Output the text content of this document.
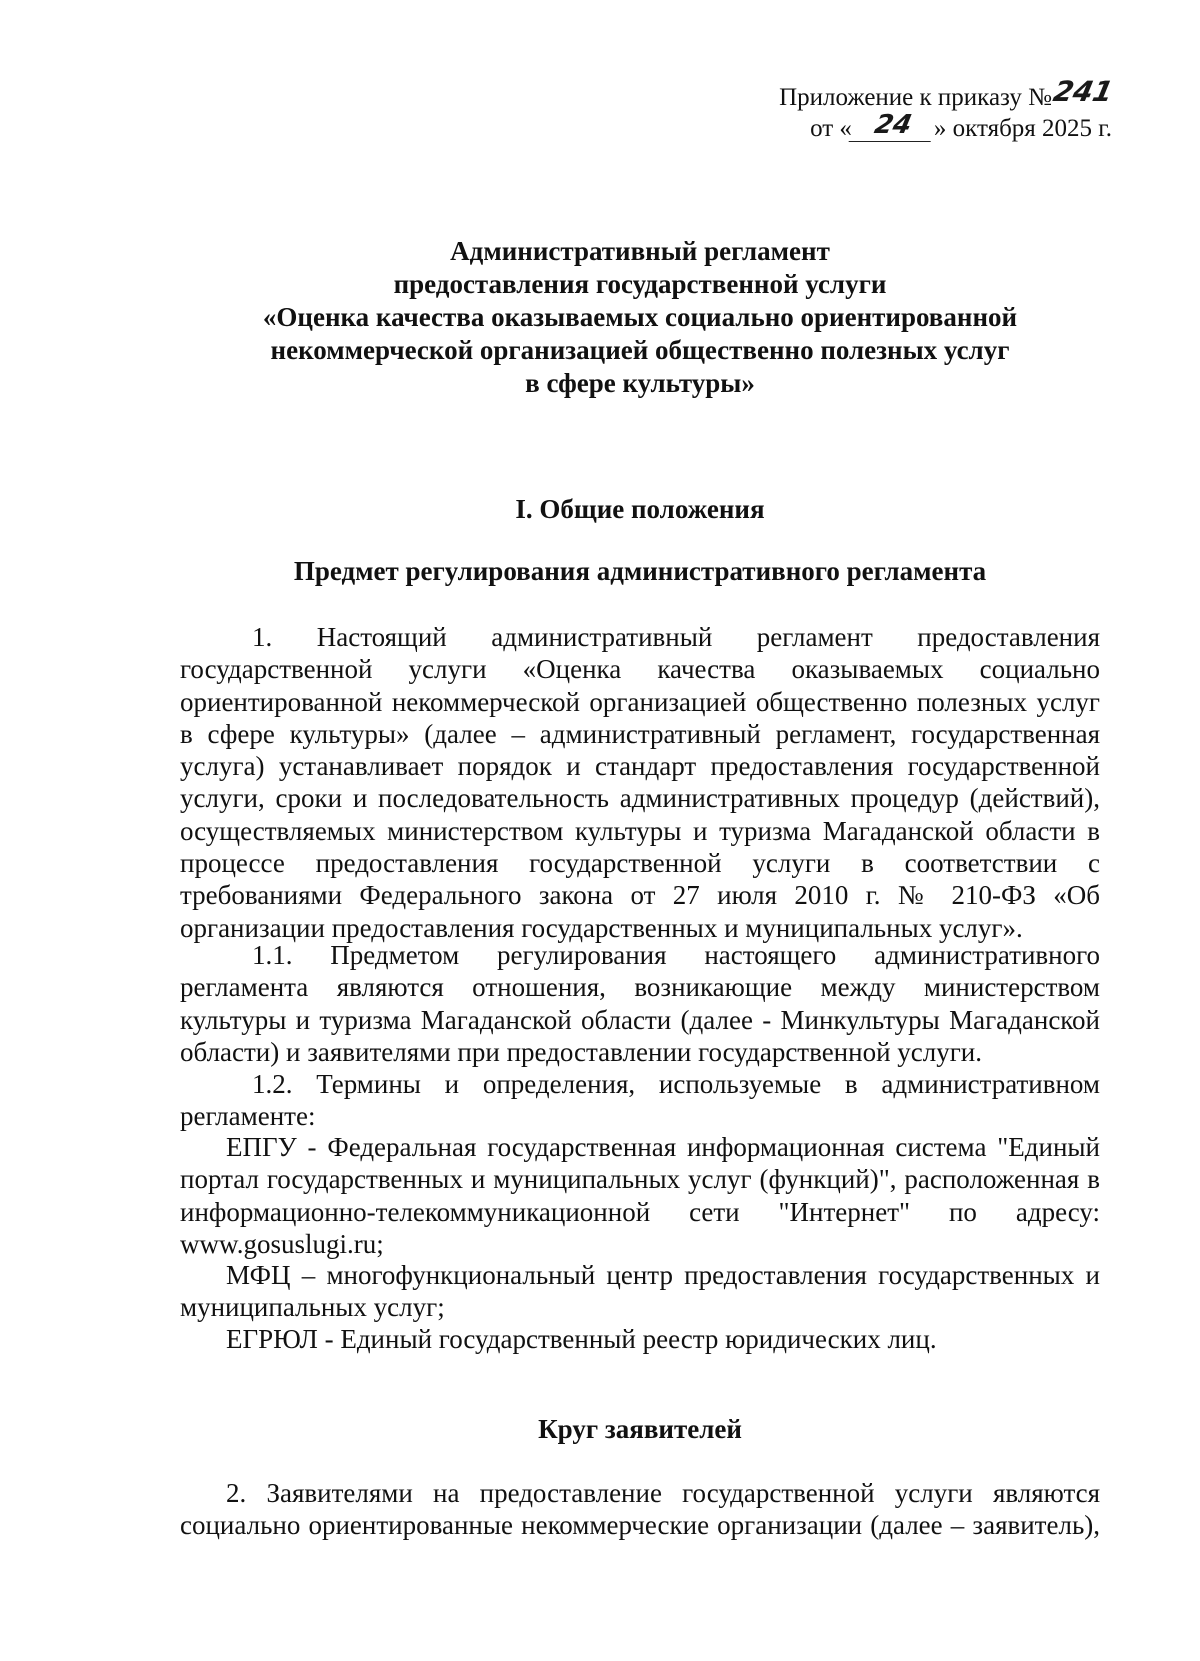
Приложение к приказу №241
от « 24 » октября 2025 г.
Административный регламент
предоставления государственной услуги
«Оценка качества оказываемых социально ориентированной
некоммерческой организацией общественно полезных услуг
в сфере культуры»
I. Общие положения
Предмет регулирования административного регламента
1. Настоящий административный регламент предоставления государственной услуги «Оценка качества оказываемых социально ориентированной некоммерческой организацией общественно полезных услуг в сфере культуры» (далее – административный регламент, государственная услуга) устанавливает порядок и стандарт предоставления государственной услуги, сроки и последовательность административных процедур (действий), осуществляемых министерством культуры и туризма Магаданской области в процессе предоставления государственной услуги в соответствии с требованиями Федерального закона от 27 июля 2010 г. № 210-ФЗ «Об организации предоставления государственных и муниципальных услуг».
1.1. Предметом регулирования настоящего административного регламента являются отношения, возникающие между министерством культуры и туризма Магаданской области (далее - Минкультуры Магаданской области) и заявителями при предоставлении государственной услуги.
1.2. Термины и определения, используемые в административном регламенте:
ЕПГУ - Федеральная государственная информационная система "Единый портал государственных и муниципальных услуг (функций)", расположенная в информационно-телекоммуникационной сети "Интернет" по адресу: www.gosuslugi.ru;
МФЦ – многофункциональный центр предоставления государственных и муниципальных услуг;
ЕГРЮЛ - Единый государственный реестр юридических лиц.
Круг заявителей
2. Заявителями на предоставление государственной услуги являются социально ориентированные некоммерческие организации (далее – заявитель),
